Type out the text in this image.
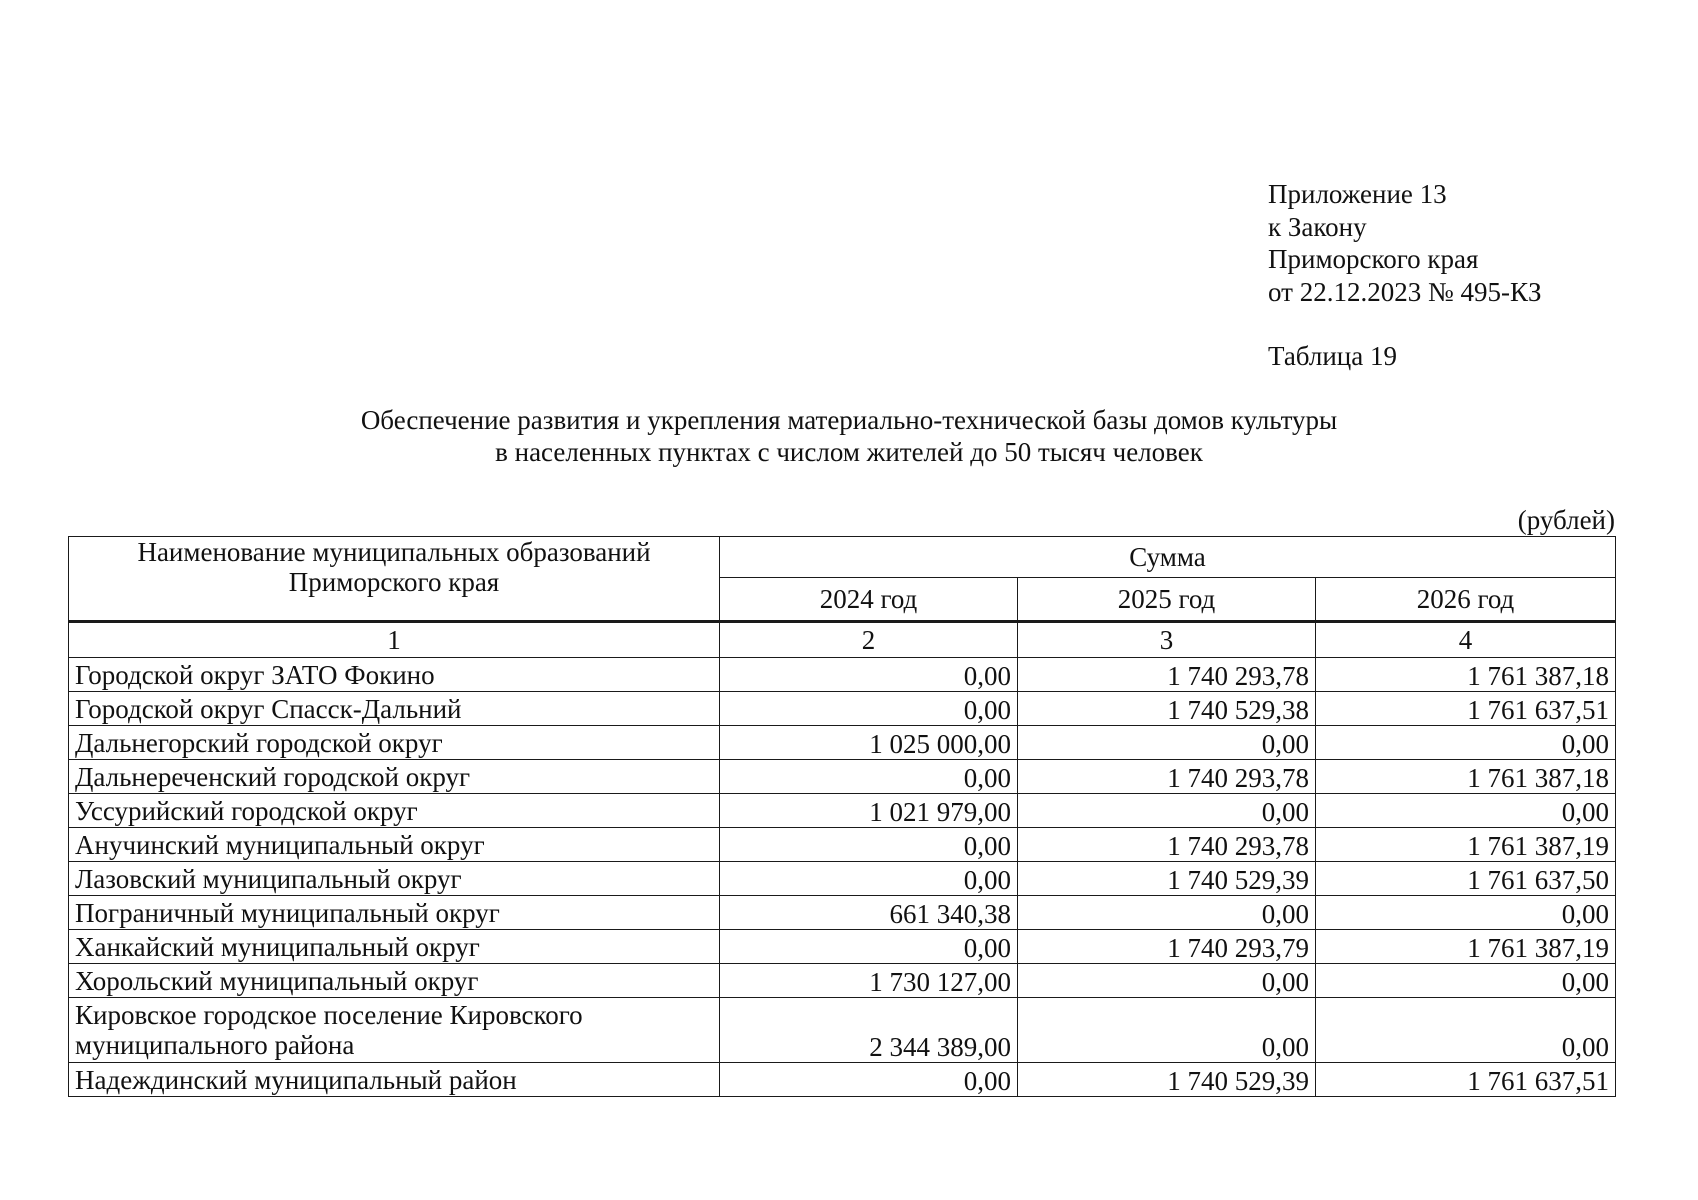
Приложение 13
к Закону
Приморского края
от 22.12.2023 № 495-КЗ
Таблица 19
Обеспечение развития и укрепления материально-технической базы домов культуры
в населенных пунктах с числом жителей до 50 тысяч человек
(рублей)
Наименование муниципальных образований Приморского края	Сумма		
	2024 год	2025 год	2026 год
1	2	3	4
Городской округ ЗАТО Фокино	0,00	1 740 293,78	1 761 387,18
Городской округ Спасск-Дальний	0,00	1 740 529,38	1 761 637,51
Дальнегорский городской округ	1 025 000,00	0,00	0,00
Дальнереченский городской округ	0,00	1 740 293,78	1 761 387,18
Уссурийский городской округ	1 021 979,00	0,00	0,00
Анучинский муниципальный округ	0,00	1 740 293,78	1 761 387,19
Лазовский муниципальный округ	0,00	1 740 529,39	1 761 637,50
Пограничный муниципальный округ	661 340,38	0,00	0,00
Ханкайский муниципальный округ	0,00	1 740 293,79	1 761 387,19
Хорольский муниципальный округ	1 730 127,00	0,00	0,00
Кировское городское поселение Кировского муниципального района	2 344 389,00	0,00	0,00
Надеждинский муниципальный район	0,00	1 740 529,39	1 761 637,51
